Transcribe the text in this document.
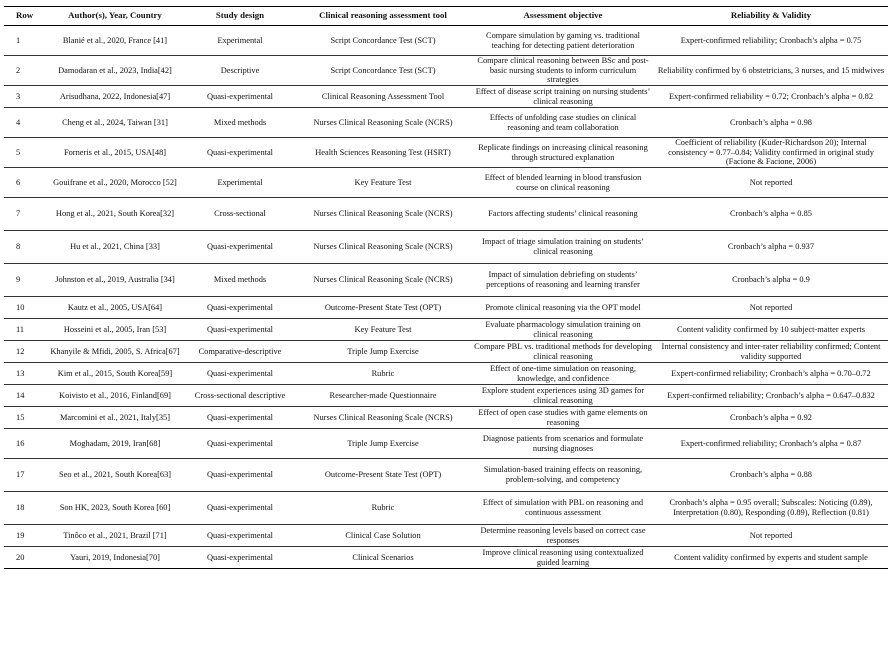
Row	Author(s), Year, Country	Study design	Clinical reasoning assessment tool	Assessment objective	Reliability & Validity
1	Blanié et al., 2020, France [41]	Experimental	Script Concordance Test (SCT)	Compare simulation by gaming vs. traditional teaching for detecting patient deterioration	Expert-confirmed reliability; Cronbach’s alpha = 0.75
2	Damodaran et al., 2023, India[42]	Descriptive	Script Concordance Test (SCT)	Compare clinical reasoning between BSc and post-basic nursing students to inform curriculum strategies	Reliability confirmed by 6 obstetricians, 3 nurses, and 15 midwives
3	Arisudhana, 2022, Indonesia[47]	Quasi-experimental	Clinical Reasoning Assessment Tool	Effect of disease script training on nursing students’ clinical reasoning	Expert-confirmed reliability = 0.72; Cronbach’s alpha = 0.82
4	Cheng et al., 2024, Taiwan [31]	Mixed methods	Nurses Clinical Reasoning Scale (NCRS)	Effects of unfolding case studies on clinical reasoning and team collaboration	Cronbach’s alpha = 0.98
5	Forneris et al., 2015, USA[48]	Quasi-experimental	Health Sciences Reasoning Test (HSRT)	Replicate findings on increasing clinical reasoning through structured explanation	Coefficient of reliability (Kuder-Richardson 20); Internal consistency = 0.77–0.84; Validity confirmed in original study (Facione & Facione, 2006)
6	Gouifrane et al., 2020, Morocco [52]	Experimental	Key Feature Test	Effect of blended learning in blood transfusion course on clinical reasoning	Not reported
7	Hong et al., 2021, South Korea[32]	Cross-sectional	Nurses Clinical Reasoning Scale (NCRS)	Factors affecting students’ clinical reasoning	Cronbach’s alpha = 0.85
8	Hu et al., 2021, China [33]	Quasi-experimental	Nurses Clinical Reasoning Scale (NCRS)	Impact of triage simulation training on students’ clinical reasoning	Cronbach’s alpha = 0.937
9	Johnston et al., 2019, Australia [34]	Mixed methods	Nurses Clinical Reasoning Scale (NCRS)	Impact of simulation debriefing on students’ perceptions of reasoning and learning transfer	Cronbach’s alpha = 0.9
10	Kautz et al., 2005, USA[64]	Quasi-experimental	Outcome-Present State Test (OPT)	Promote clinical reasoning via the OPT model	Not reported
11	Hosseini et al., 2005, Iran [53]	Quasi-experimental	Key Feature Test	Evaluate pharmacology simulation training on clinical reasoning	Content validity confirmed by 10 subject-matter experts
12	Khanyile & Mfidi, 2005, S. Africa[67]	Comparative-descriptive	Triple Jump Exercise	Compare PBL vs. traditional methods for developing clinical reasoning	Internal consistency and inter-rater reliability confirmed; Content validity supported
13	Kim et al., 2015, South Korea[59]	Quasi-experimental	Rubric	Effect of one-time simulation on reasoning, knowledge, and confidence	Expert-confirmed reliability; Cronbach’s alpha = 0.70–0.72
14	Koivisto et al., 2016, Finland[69]	Cross-sectional descriptive	Researcher-made Questionnaire	Explore student experiences using 3D games for clinical reasoning	Expert-confirmed reliability; Cronbach’s alpha = 0.647–0.832
15	Marcomini et al., 2021, Italy[35]	Quasi-experimental	Nurses Clinical Reasoning Scale (NCRS)	Effect of open case studies with game elements on reasoning	Cronbach’s alpha = 0.92
16	Moghadam, 2019, Iran[68]	Quasi-experimental	Triple Jump Exercise	Diagnose patients from scenarios and formulate nursing diagnoses	Expert-confirmed reliability; Cronbach’s alpha = 0.87
17	Seo et al., 2021, South Korea[63]	Quasi-experimental	Outcome-Present State Test (OPT)	Simulation-based training effects on reasoning, problem-solving, and competency	Cronbach’s alpha = 0.88
18	Son HK, 2023, South Korea [60]	Quasi-experimental	Rubric	Effect of simulation with PBL on reasoning and continuous assessment	Cronbach’s alpha = 0.95 overall; Subscales: Noticing (0.89), Interpretation (0.80), Responding (0.89), Reflection (0.81)
19	Tinôco et al., 2021, Brazil [71]	Quasi-experimental	Clinical Case Solution	Determine reasoning levels based on correct case responses	Not reported
20	Yauri, 2019, Indonesia[70]	Quasi-experimental	Clinical Scenarios	Improve clinical reasoning using contextualized guided learning	Content validity confirmed by experts and student sample
